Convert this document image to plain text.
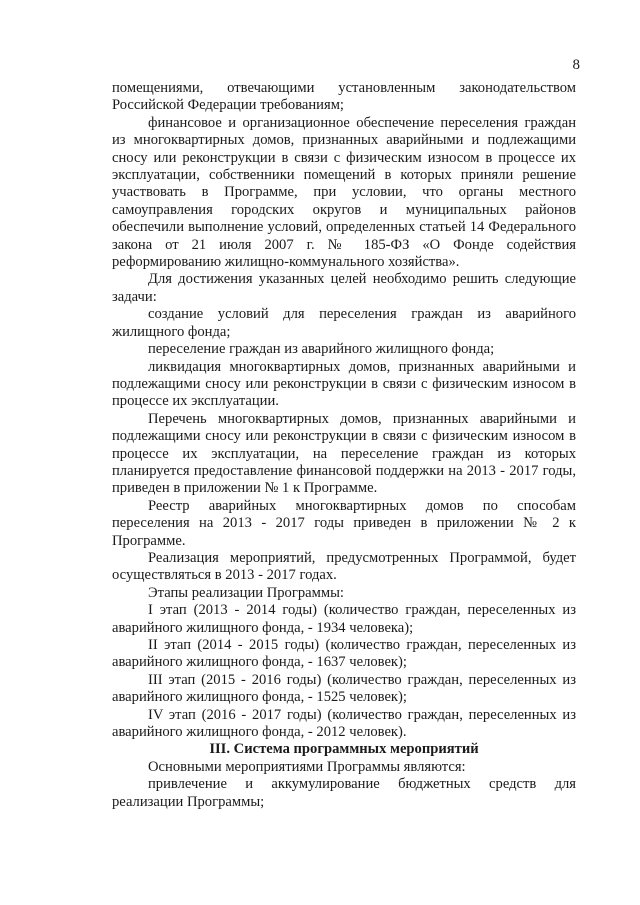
8

помещениями, отвечающими установленным законодательством Российской Федерации требованиям;

финансовое и организационное обеспечение переселения граждан из многоквартирных домов, признанных аварийными и подлежащими сносу или реконструкции в связи с физическим износом в процессе их эксплуатации, собственники помещений в которых приняли решение участвовать в Программе, при условии, что органы местного самоуправления городских округов и муниципальных районов обеспечили выполнение условий, определенных статьей 14 Федерального закона от 21 июля 2007 г. № 185-ФЗ «О Фонде содействия реформированию жилищно-коммунального хозяйства».

Для достижения указанных целей необходимо решить следующие задачи:

создание условий для переселения граждан из аварийного жилищного фонда;

переселение граждан из аварийного жилищного фонда;

ликвидация многоквартирных домов, признанных аварийными и подлежащими сносу или реконструкции в связи с физическим износом в процессе их эксплуатации.

Перечень многоквартирных домов, признанных аварийными и подлежащими сносу или реконструкции в связи с физическим износом в процессе их эксплуатации, на переселение граждан из которых планируется предоставление финансовой поддержки на 2013 - 2017 годы, приведен в приложении № 1 к Программе.

Реестр аварийных многоквартирных домов по способам переселения на 2013 - 2017 годы приведен в приложении № 2 к Программе.

Реализация мероприятий, предусмотренных Программой, будет осуществляться в 2013 - 2017 годах.

Этапы реализации Программы:

I этап (2013 - 2014 годы) (количество граждан, переселенных из аварийного жилищного фонда, - 1934 человека);

II этап (2014 - 2015 годы) (количество граждан, переселенных из аварийного жилищного фонда, - 1637 человек);

III этап (2015 - 2016 годы) (количество граждан, переселенных из аварийного жилищного фонда, - 1525 человек);

IV этап (2016 - 2017 годы) (количество граждан, переселенных из аварийного жилищного фонда, - 2012 человек).

III. Система программных мероприятий

Основными мероприятиями Программы являются:

привлечение и аккумулирование бюджетных средств для реализации Программы;
